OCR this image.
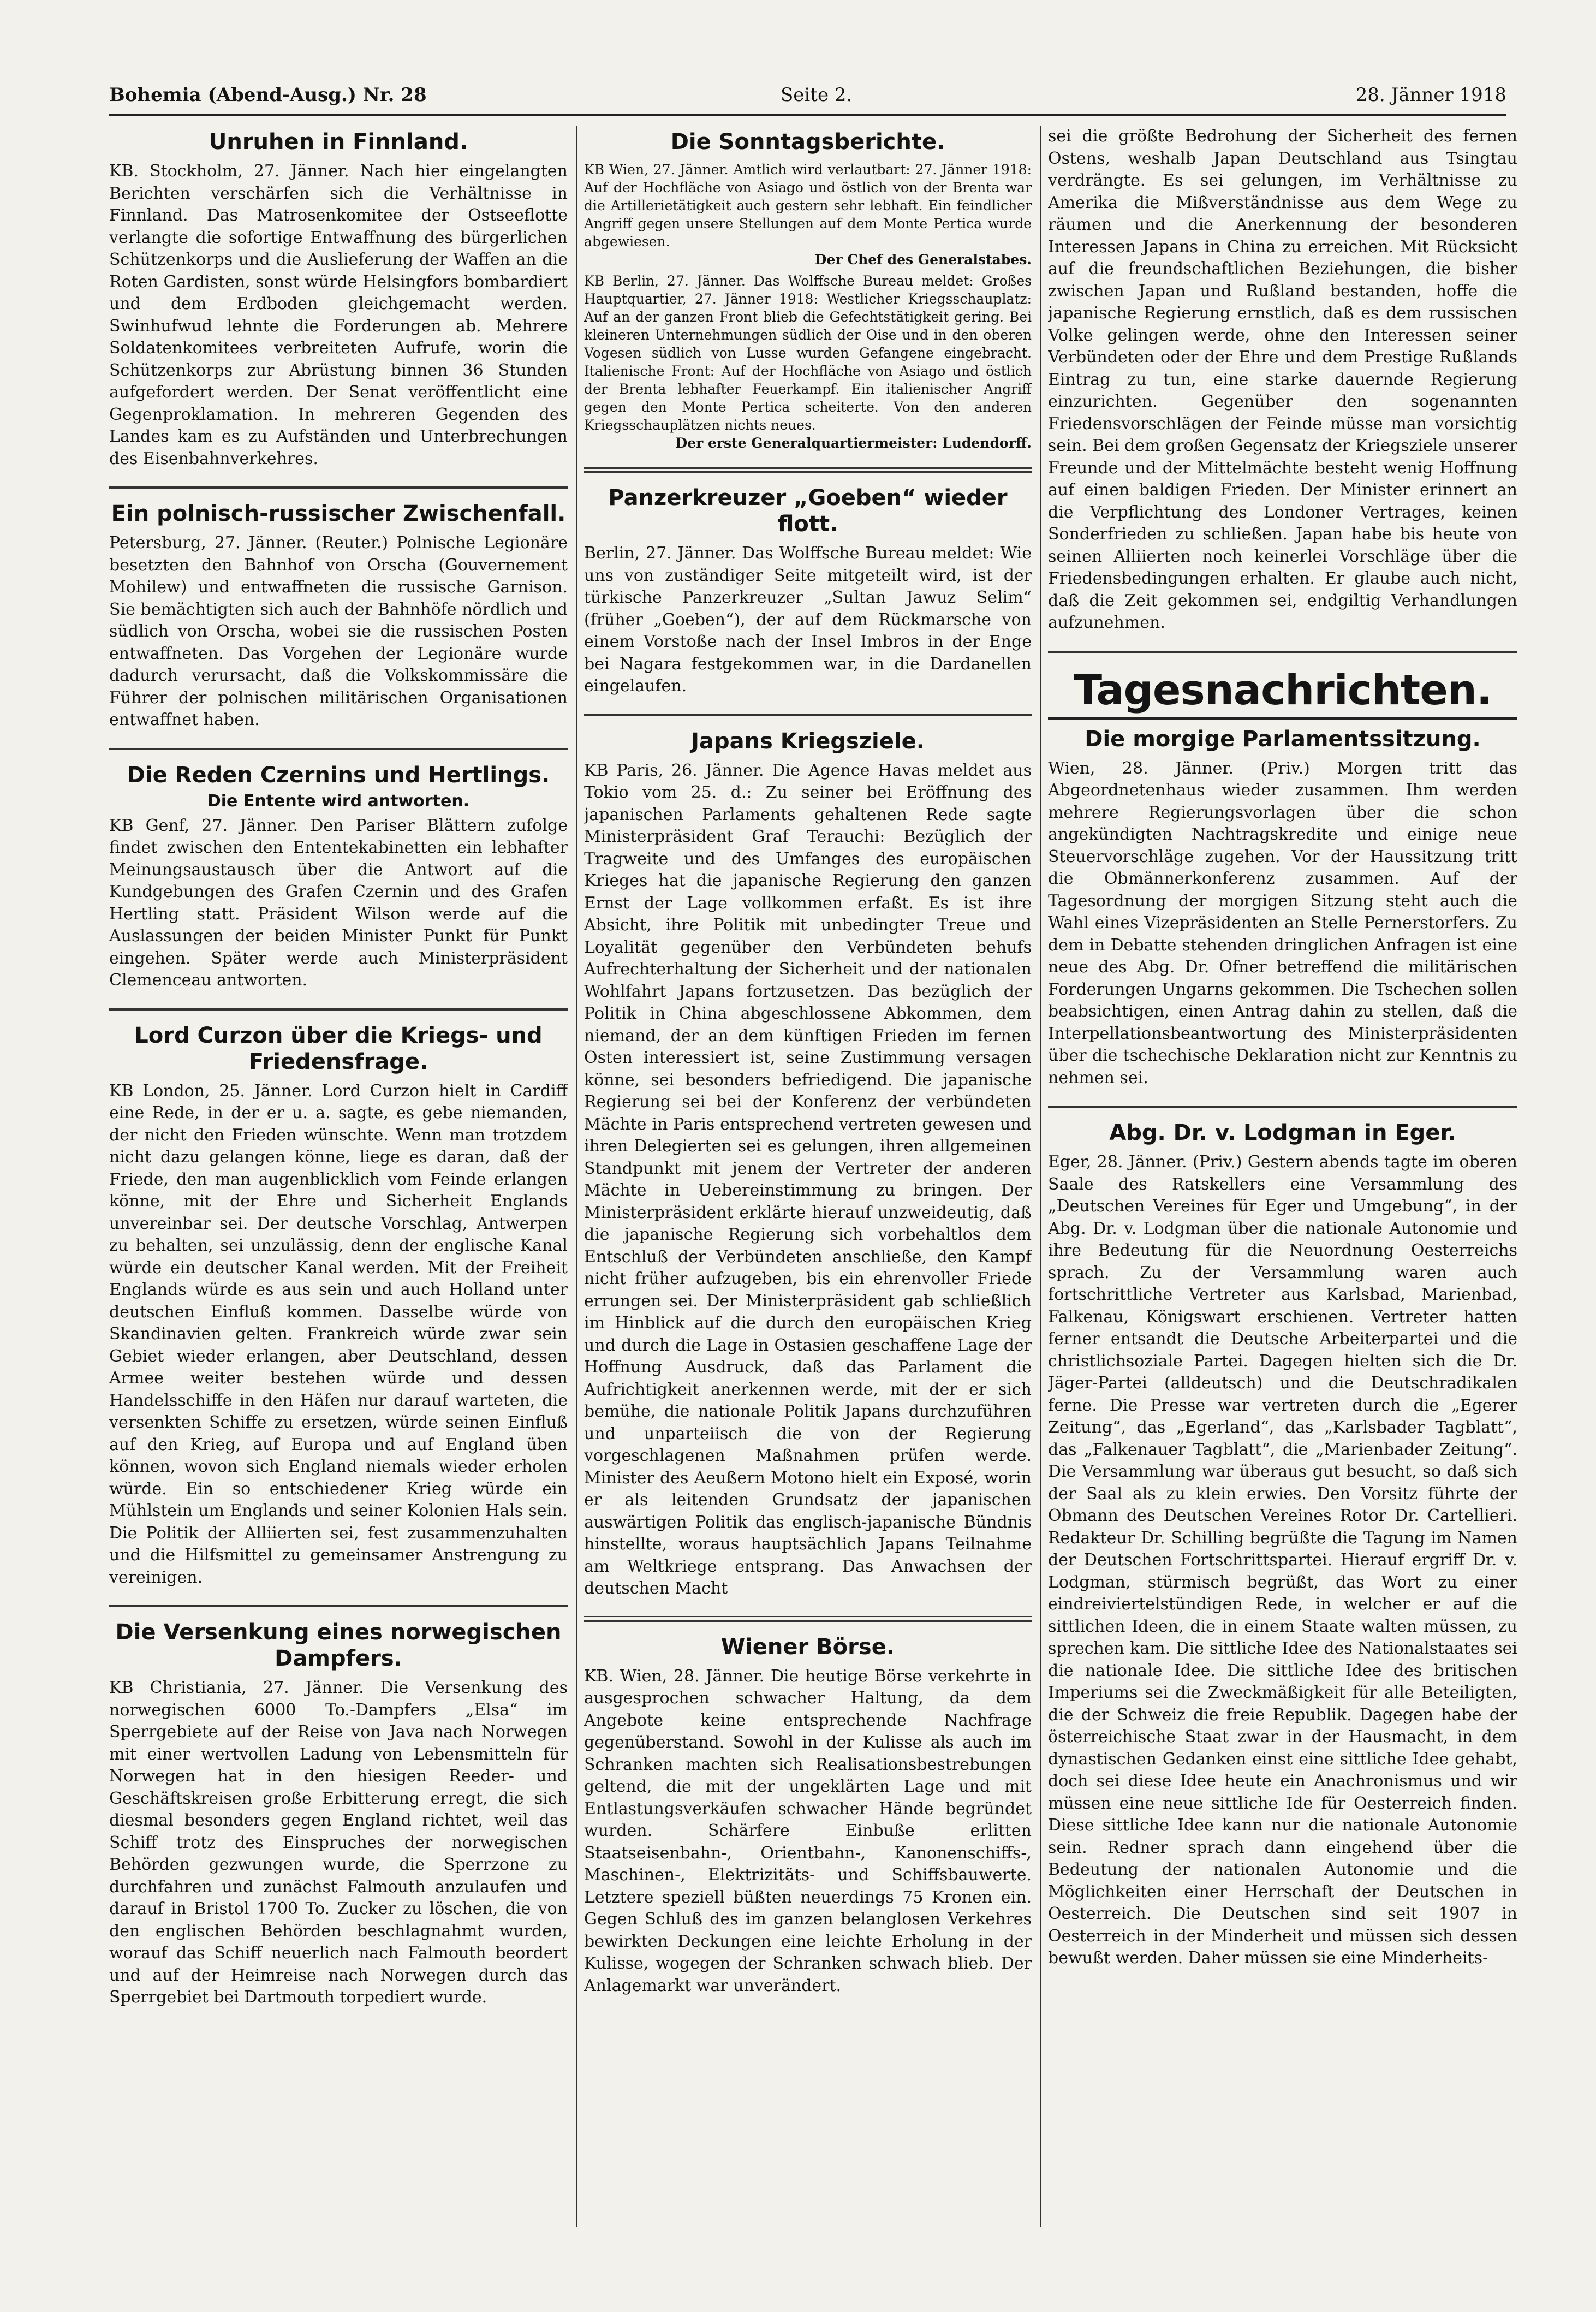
Bohemia (Abend-Ausg.) Nr. 28	Seite 2.	28. Jänner 1918
Unruhen in Finnland.

KB. Stockholm, 27. Jänner. Nach hier eingelangten Berichten verschärfen sich die Verhältnisse in Finnland. Das Matrosenkomitee der Ostseeflotte verlangte die sofortige Entwaffnung des bürgerlichen Schützenkorps und die Auslieferung der Waffen an die Roten Gardisten, sonst würde Helsingfors bombardiert und dem Erdboden gleichgemacht werden. Swinhufwud lehnte die Forderungen ab. Mehrere Soldatenkomitees verbreiteten Aufrufe, worin die Schützenkorps zur Abrüstung binnen 36 Stunden aufgefordert werden. Der Senat veröffentlicht eine Gegenproklamation. In mehreren Gegenden des Landes kam es zu Aufständen und Unterbrechungen des Eisenbahnverkehres.

Ein polnisch-russischer Zwischenfall.

Petersburg, 27. Jänner. (Reuter.) Polnische Legionäre besetzten den Bahnhof von Orscha (Gouvernement Mohilew) und entwaffneten die russische Garnison. Sie bemächtigten sich auch der Bahnhöfe nördlich und südlich von Orscha, wobei sie die russischen Posten entwaffneten. Das Vorgehen der Legionäre wurde dadurch verursacht, daß die Volkskommissäre die Führer der polnischen militärischen Organisationen entwaffnet haben.

Die Reden Czernins und Hertlings.
Die Entente wird antworten.

KB Genf, 27. Jänner. Den Pariser Blättern zufolge findet zwischen den Ententekabinetten ein lebhafter Meinungsaustausch über die Antwort auf die Kundgebungen des Grafen Czernin und des Grafen Hertling statt. Präsident Wilson werde auf die Auslassungen der beiden Minister Punkt für Punkt eingehen. Später werde auch Ministerpräsident Clemenceau antworten.

Lord Curzon über die Kriegs- und Friedensfrage.

KB London, 25. Jänner. Lord Curzon hielt in Cardiff eine Rede, in der er u. a. sagte, es gebe niemanden, der nicht den Frieden wünschte. Wenn man trotzdem nicht dazu gelangen könne, liege es daran, daß der Friede, den man augenblicklich vom Feinde erlangen könne, mit der Ehre und Sicherheit Englands unvereinbar sei. Der deutsche Vorschlag, Antwerpen zu behalten, sei unzulässig, denn der englische Kanal würde ein deutscher Kanal werden. Mit der Freiheit Englands würde es aus sein und auch Holland unter deutschen Einfluß kommen. Dasselbe würde von Skandinavien gelten. Frankreich würde zwar sein Gebiet wieder erlangen, aber Deutschland, dessen Armee weiter bestehen würde und dessen Handelsschiffe in den Häfen nur darauf warteten, die versenkten Schiffe zu ersetzen, würde seinen Einfluß auf den Krieg, auf Europa und auf England üben können, wovon sich England niemals wieder erholen würde. Ein so entschiedener Krieg würde ein Mühlstein um Englands und seiner Kolonien Hals sein. Die Politik der Alliierten sei, fest zusammenzuhalten und die Hilfsmittel zu gemeinsamer Anstrengung zu vereinigen.

Die Versenkung eines norwegischen Dampfers.

KB Christiania, 27. Jänner. Die Versenkung des norwegischen 6000 To.-Dampfers „Elsa“ im Sperrgebiete auf der Reise von Java nach Norwegen mit einer wertvollen Ladung von Lebensmitteln für Norwegen hat in den hiesigen Reeder- und Geschäftskreisen große Erbitterung erregt, die sich diesmal besonders gegen England richtet, weil das Schiff trotz des Einspruches der norwegischen Behörden gezwungen wurde, die Sperrzone zu durchfahren und zunächst Falmouth anzulaufen und darauf in Bristol 1700 To. Zucker zu löschen, die von den englischen Behörden beschlagnahmt wurden, worauf das Schiff neuerlich nach Falmouth beordert und auf der Heimreise nach Norwegen durch das Sperrgebiet bei Dartmouth torpediert wurde.

Die Sonntagsberichte.

KB Wien, 27. Jänner. Amtlich wird verlautbart: 27. Jänner 1918: Auf der Hochfläche von Asiago und östlich von der Brenta war die Artillerietätigkeit auch gestern sehr lebhaft. Ein feindlicher Angriff gegen unsere Stellungen auf dem Monte Pertica wurde abgewiesen.

Der Chef des Generalstabes.

KB Berlin, 27. Jänner. Das Wolffsche Bureau meldet: Großes Hauptquartier, 27. Jänner 1918: Westlicher Kriegsschauplatz: Auf an der ganzen Front blieb die Gefechtstätigkeit gering. Bei kleineren Unternehmungen südlich der Oise und in den oberen Vogesen südlich von Lusse wurden Gefangene eingebracht. Italienische Front: Auf der Hochfläche von Asiago und östlich der Brenta lebhafter Feuerkampf. Ein italienischer Angriff gegen den Monte Pertica scheiterte. Von den anderen Kriegsschauplätzen nichts neues.

Der erste Generalquartiermeister: Ludendorff.
Panzerkreuzer „Goeben“ wieder flott.

Berlin, 27. Jänner. Das Wolffsche Bureau meldet: Wie uns von zuständiger Seite mitgeteilt wird, ist der türkische Panzerkreuzer „Sultan Jawuz Selim“ (früher „Goeben“), der auf dem Rückmarsche von einem Vorstoße nach der Insel Imbros in der Enge bei Nagara festgekommen war, in die Dardanellen eingelaufen.

Japans Kriegsziele.

KB Paris, 26. Jänner. Die Agence Havas meldet aus Tokio vom 25. d.: Zu seiner bei Eröffnung des japanischen Parlaments gehaltenen Rede sagte Ministerpräsident Graf Terauchi: Bezüglich der Tragweite und des Umfanges des europäischen Krieges hat die japanische Regierung den ganzen Ernst der Lage vollkommen erfaßt. Es ist ihre Absicht, ihre Politik mit unbedingter Treue und Loyalität gegenüber den Verbündeten behufs Aufrechterhaltung der Sicherheit und der nationalen Wohlfahrt Japans fortzusetzen. Das bezüglich der Politik in China abgeschlossene Abkommen, dem niemand, der an dem künftigen Frieden im fernen Osten interessiert ist, seine Zustimmung versagen könne, sei besonders befriedigend. Die japanische Regierung sei bei der Konferenz der verbündeten Mächte in Paris entsprechend vertreten gewesen und ihren Delegierten sei es gelungen, ihren allgemeinen Standpunkt mit jenem der Vertreter der anderen Mächte in Uebereinstimmung zu bringen. Der Ministerpräsident erklärte hierauf unzweideutig, daß die japanische Regierung sich vorbehaltlos dem Entschluß der Verbündeten anschließe, den Kampf nicht früher aufzugeben, bis ein ehrenvoller Friede errungen sei. Der Ministerpräsident gab schließlich im Hinblick auf die durch den europäischen Krieg und durch die Lage in Ostasien geschaffene Lage der Hoffnung Ausdruck, daß das Parlament die Aufrichtigkeit anerkennen werde, mit der er sich bemühe, die nationale Politik Japans durchzuführen und unparteiisch die von der Regierung vorgeschlagenen Maßnahmen prüfen werde. Minister des Aeußern Motono hielt ein Exposé, worin er als leitenden Grundsatz der japanischen auswärtigen Politik das englisch-japanische Bündnis hinstellte, woraus hauptsächlich Japans Teilnahme am Weltkriege entsprang. Das Anwachsen der deutschen Macht

Wiener Börse.

KB. Wien, 28. Jänner. Die heutige Börse verkehrte in ausgesprochen schwacher Haltung, da dem Angebote keine entsprechende Nachfrage gegenüberstand. Sowohl in der Kulisse als auch im Schranken machten sich Realisationsbestrebungen geltend, die mit der ungeklärten Lage und mit Entlastungsverkäufen schwacher Hände begründet wurden. Schärfere Einbuße erlitten Staatseisenbahn-, Orientbahn-, Kanonenschiffs-, Maschinen-, Elektrizitäts- und Schiffsbauwerte. Letztere speziell büßten neuerdings 75 Kronen ein. Gegen Schluß des im ganzen belanglosen Verkehres bewirkten Deckungen eine leichte Erholung in der Kulisse, wogegen der Schranken schwach blieb. Der Anlagemarkt war unverändert.

sei die größte Bedrohung der Sicherheit des fernen Ostens, weshalb Japan Deutschland aus Tsingtau verdrängte. Es sei gelungen, im Verhältnisse zu Amerika die Mißverständnisse aus dem Wege zu räumen und die Anerkennung der besonderen Interessen Japans in China zu erreichen. Mit Rücksicht auf die freundschaftlichen Beziehungen, die bisher zwischen Japan und Rußland bestanden, hoffe die japanische Regierung ernstlich, daß es dem russischen Volke gelingen werde, ohne den Interessen seiner Verbündeten oder der Ehre und dem Prestige Rußlands Eintrag zu tun, eine starke dauernde Regierung einzurichten. Gegenüber den sogenannten Friedensvorschlägen der Feinde müsse man vorsichtig sein. Bei dem großen Gegensatz der Kriegsziele unserer Freunde und der Mittelmächte besteht wenig Hoffnung auf einen baldigen Frieden. Der Minister erinnert an die Verpflichtung des Londoner Vertrages, keinen Sonderfrieden zu schließen. Japan habe bis heute von seinen Alliierten noch keinerlei Vorschläge über die Friedensbedingungen erhalten. Er glaube auch nicht, daß die Zeit gekommen sei, endgiltig Verhandlungen aufzunehmen.

Tagesnachrichten.
Die morgige Parlamentssitzung.

Wien, 28. Jänner. (Priv.) Morgen tritt das Abgeordnetenhaus wieder zusammen. Ihm werden mehrere Regierungsvorlagen über die schon angekündigten Nachtragskredite und einige neue Steuervorschläge zugehen. Vor der Haussitzung tritt die Obmännerkonferenz zusammen. Auf der Tagesordnung der morgigen Sitzung steht auch die Wahl eines Vizepräsidenten an Stelle Pernerstorfers. Zu dem in Debatte stehenden dringlichen Anfragen ist eine neue des Abg. Dr. Ofner betreffend die militärischen Forderungen Ungarns gekommen. Die Tschechen sollen beabsichtigen, einen Antrag dahin zu stellen, daß die Interpellationsbeantwortung des Ministerpräsidenten über die tschechische Deklaration nicht zur Kenntnis zu nehmen sei.

Abg. Dr. v. Lodgman in Eger.

Eger, 28. Jänner. (Priv.) Gestern abends tagte im oberen Saale des Ratskellers eine Versammlung des „Deutschen Vereines für Eger und Umgebung“, in der Abg. Dr. v. Lodgman über die nationale Autonomie und ihre Bedeutung für die Neuordnung Oesterreichs sprach. Zu der Versammlung waren auch fortschrittliche Vertreter aus Karlsbad, Marienbad, Falkenau, Königswart erschienen. Vertreter hatten ferner entsandt die Deutsche Arbeiterpartei und die christlichsoziale Partei. Dagegen hielten sich die Dr. Jäger-Partei (alldeutsch) und die Deutschradikalen ferne. Die Presse war vertreten durch die „Egerer Zeitung“, das „Egerland“, das „Karlsbader Tagblatt“, das „Falkenauer Tagblatt“, die „Marienbader Zeitung“. Die Versammlung war überaus gut besucht, so daß sich der Saal als zu klein erwies. Den Vorsitz führte der Obmann des Deutschen Vereines Rotor Dr. Cartellieri. Redakteur Dr. Schilling begrüßte die Tagung im Namen der Deutschen Fortschrittspartei. Hierauf ergriff Dr. v. Lodgman, stürmisch begrüßt, das Wort zu einer eindreiviertelstündigen Rede, in welcher er auf die sittlichen Ideen, die in einem Staate walten müssen, zu sprechen kam. Die sittliche Idee des Nationalstaates sei die nationale Idee. Die sittliche Idee des britischen Imperiums sei die Zweckmäßigkeit für alle Beteiligten, die der Schweiz die freie Republik. Dagegen habe der österreichische Staat zwar in der Hausmacht, in dem dynastischen Gedanken einst eine sittliche Idee gehabt, doch sei diese Idee heute ein Anachronismus und wir müssen eine neue sittliche Ide für Oesterreich finden. Diese sittliche Idee kann nur die nationale Autonomie sein. Redner sprach dann eingehend über die Bedeutung der nationalen Autonomie und die Möglichkeiten einer Herrschaft der Deutschen in Oesterreich. Die Deutschen sind seit 1907 in Oesterreich in der Minderheit und müssen sich dessen bewußt werden. Daher müssen sie eine Minderheits-
